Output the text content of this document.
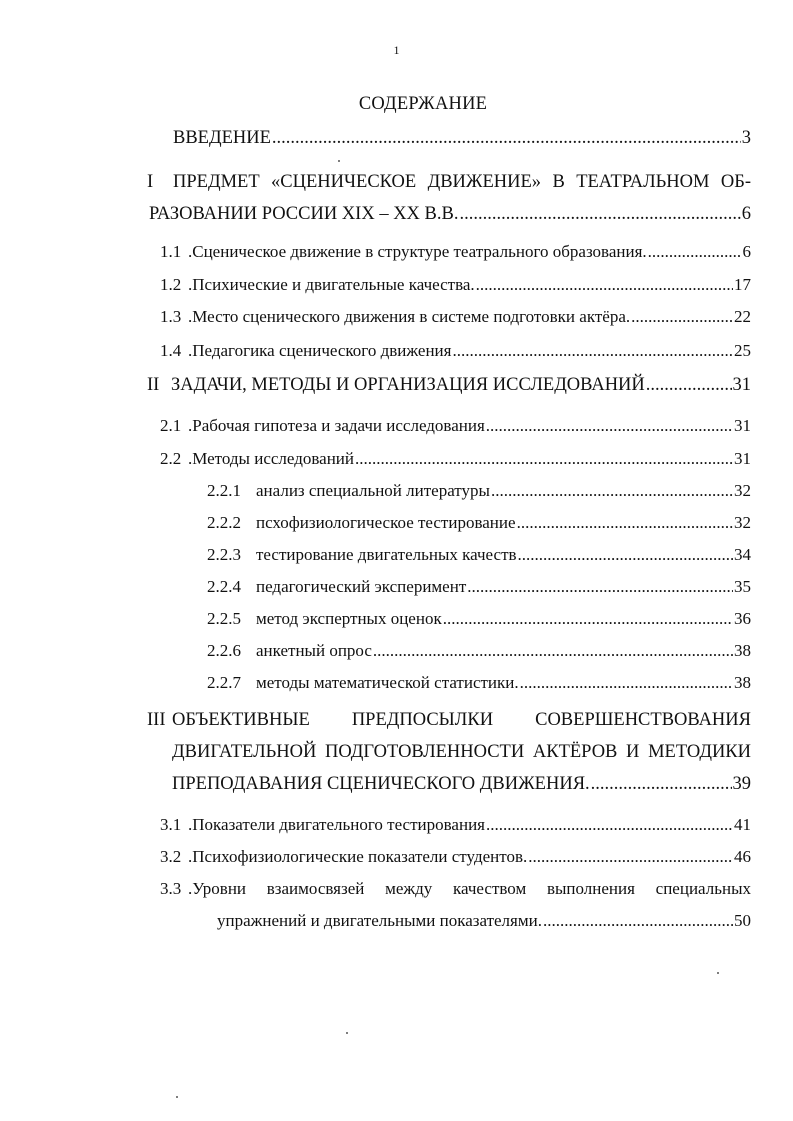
1
СОДЕРЖАНИЕ
ВВЕДЕНИЕ .....	3
I ПРЕДМЕТ «СЦЕНИЧЕСКОЕ ДВИЖЕНИЕ» В ТЕАТРАЛЬНОМ ОБ-
РАЗОВАНИИ РОССИИ XIX – XX В.В. .....	6
1.1 .Сценическое движение в структуре театрального образования. .....	6
1.2 .Психические и двигательные качества. .....	17
1.3 .Место сценического движения в системе подготовки актёра. .....	22
1.4 .Педагогика сценического движения .....	25
II ЗАДАЧИ, МЕТОДЫ И ОРГАНИЗАЦИЯ ИССЛЕДОВАНИЙ .....	31
2.1 .Рабочая гипотеза и задачи исследования .....	31
2.2 .Методы исследований .....	31
2.2.1 анализ специальной литературы .....	32
2.2.2 псхофизиологическое тестирование .....	32
2.2.3 тестирование двигательных качеств .....	34
2.2.4 педагогический эксперимент .....	35
2.2.5 метод экспертных оценок .....	36
2.2.6 анкетный опрос .....	38
2.2.7 методы математической статистики. .....	38
III ОБЪЕКТИВНЫЕ ПРЕДПОСЫЛКИ СОВЕРШЕНСТВОВАНИЯ
ДВИГАТЕЛЬНОЙ ПОДГОТОВЛЕННОСТИ АКТЁРОВ И МЕТОДИКИ
ПРЕПОДАВАНИЯ СЦЕНИЧЕСКОГО ДВИЖЕНИЯ. .....	39
3.1 .Показатели двигательного тестирования .....	41
3.2 .Психофизиологические показатели студентов. .....	46
3.3 .Уровни взаимосвязей между качеством выполнения специальных
упражнений и двигательными показателями. .....	50
